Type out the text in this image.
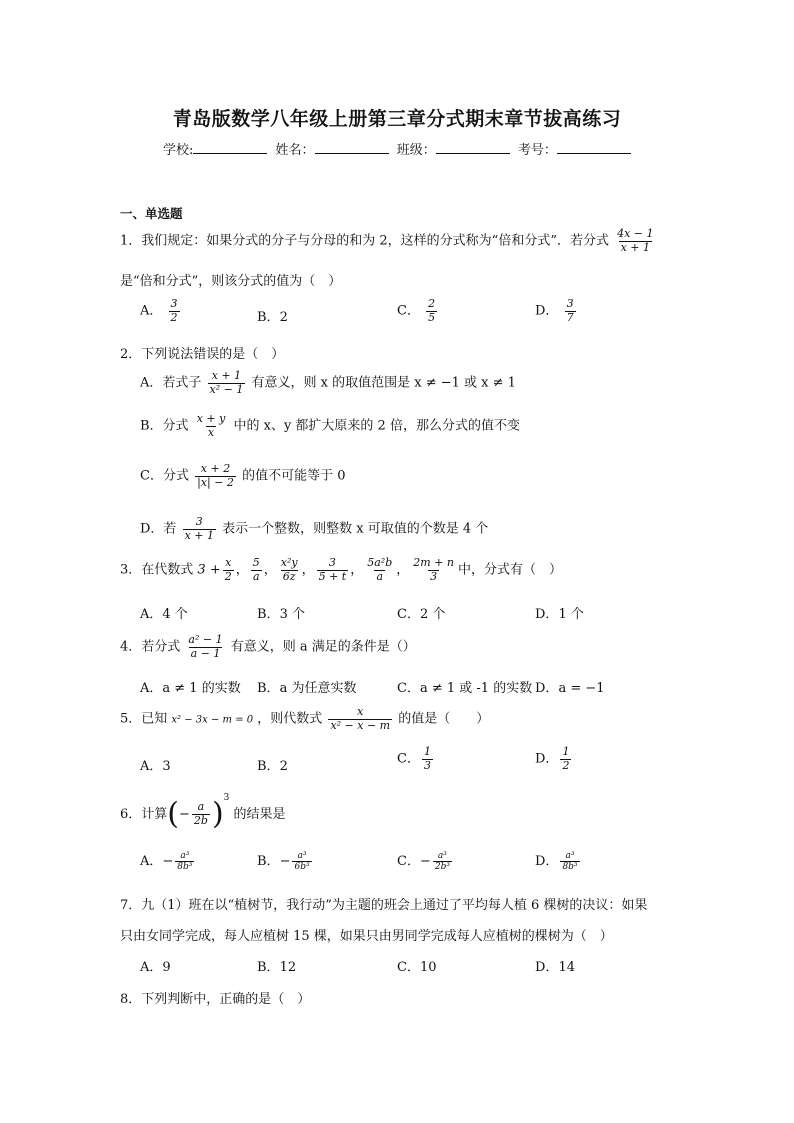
青岛版数学八年级上册第三章分式期末章节拔高练习
学校:	姓名：	班级：	考号：
一、单选题
1．我们规定：如果分式的分子与分母的和为 2，这样的分式称为“倍和分式”．若分式 $\frac{4x - 1}{x + 1}$
是“倍和分式”，则该分式的值为（　）
A． $\frac{3}{2}$	B．2	C． $\frac{2}{5}$	D． $\frac{3}{7}$
2．下列说法错误的是（　）
A．若式子 $\frac{x + 1}{\text{x² − 1}}$ 有意义，则 x 的取值范围是 x ≠ −1 或 x ≠ 1
B．分式 $\frac{x + y}{x}$ 中的 x、y 都扩大原来的 2 倍，那么分式的值不变
C．分式 $\frac{x + 2}{|x| - 2}$ 的值不可能等于 0
D．若 $\frac{3}{x + 1}$ 表示一个整数，则整数 x 可取值的个数是 4 个
3．在代数式 $3 + \frac{x}{2}$ ， $\frac{5}{a}$ ， $\frac{\text{x²y}}{6z}$ ， $\frac{3}{5 + t}$ ， $\frac{\text{5a²b}}{a}$ ， $\frac{2m + n}{3}$ 中，分式有（　）
A．4 个	B．3 个	C．2 个	D．1 个
4．若分式 $\frac{\text{a² − 1}}{a - 1}$ 有意义，则 a 满足的条件是（）
A．a ≠ 1 的实数 B．a 为任意实数	C．a ≠ 1 或 -1 的实数 D．a = −1
5．已知 x² − 3x − m = 0 ，则代数式 $\frac{x}{\text{x² − x − m}}$ 的值是（　　）
A．3	B．2	C． $\frac{1}{3}$	D． $\frac{1}{2}$
6．计算(− $\frac{a}{2b} )^3$ 的结果是
A．− $\frac{\text{a³}}{\text{8b³}}$	B．− $\frac{\text{a³}}{\text{6b³}}$	C．− $\frac{\text{a³}}{\text{2b³}}$	D． $\frac{\text{a³}}{\text{8b³}}$
7．九（1）班在以“植树节，我行动”为主题的班会上通过了平均每人植 6 棵树的决议：如果
只由女同学完成，每人应植树 15 棵，如果只由男同学完成每人应植树的棵树为（　）
A．9	B．12	C．10	D．14
8．下列判断中，正确的是（　）
